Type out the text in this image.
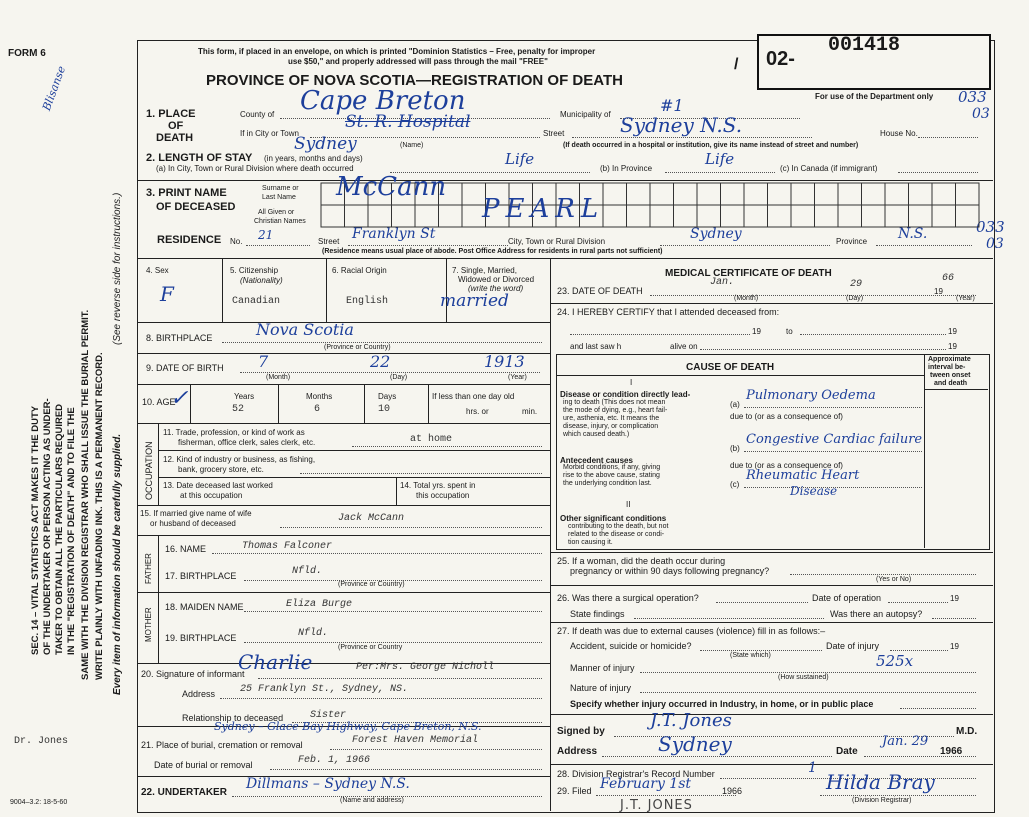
FORM 6	This form, if placed in an envelope, on which is printed "Dominion Statistics – Free, penalty for improper
use $50," and properly addressed will pass through the mail "FREE"
PROVINCE OF NOVA SCOTIA—REGISTRATION OF DEATH
02-
001418
For use of the Department only 033
03
033
03
Blisanse
SEC. 14 – VITAL STATISTICS ACT MAKES IT THE DUTY OF THE UNDERTAKER OR PERSON ACTING AS UNDER- TAKER TO OBTAIN ALL THE PARTICULARS REQUIRED IN THE "REGISTRATION OF DEATH" AND TO FILE THE SAME WITH THE DIVISION REGISTRAR WHO SHALL ISSUE THE BURIAL PERMIT. WRITE PLAINLY WITH UNFADING INK. THIS IS A PERMANENT RECORD.
(See reverse side for instructions.)
Every item of information should be carefully supplied.
Dr. Jones
9004–3.2: 18-5-60
1. PLACE
OF
DEATH
County of Cape Breton	Municipality of	#1
If in City or Town
Sydney
St. R. Hospital
(Name)
Street	Sydney N.S.	House No.
(If death occurred in a hospital or institution, give its name instead of street and number)
2. LENGTH OF STAY (in years, months and days)
(a) In City, Town or Rural Division where death occurred
Life
(b) In Province
Life
(c) In Canada (if immigrant)
3. PRINT NAME
OF DECEASED
Surname or
Last Name
All Given or
Christian Names
McCann
PEARL
RESIDENCE No. 21	Street Franklyn St	City, Town or Rural Division	Sydney	Province N.S.
(Residence means usual place of abode. Post Office Address for residents in rural parts not sufficient)
4. Sex
F
5. Citizenship
(Nationality)
Canadian
6. Racial Origin
English
7. Single, Married,
Widowed or Divorced
(write the word)
married
8. BIRTHPLACE	Nova Scotia
(Province or Country)
9. DATE OF BIRTH 7	22	1913
(Month)	(Day)	(Year)
10. AGE
✓	Years
52
Months
6
Days
10
If less than one day old
hrs. or	min.
OCCUPATION
11. Trade, profession, or kind of work as
fisherman, office clerk, sales clerk, etc.	at home
12. Kind of industry or business, as fishing,
bank, grocery store, etc.
13. Date deceased last worked
at this occupation
14. Total yrs. spent in
this occupation
15. If married give name of wife
or husband of deceased	Jack McCann
FATHER
16. NAME	Thomas Falconer
17. BIRTHPLACE	Nfld.
(Province or Country)
MOTHER
18. MAIDEN NAME	Eliza Burge
19. BIRTHPLACE	Nfld.
(Province or Country
20. Signature of informant
Charlie	Per:Mrs. George Nicholl
Address 25 Franklyn St., Sydney, NS.
Relationship to deceased	Sister
Sydney – Glace Bay Highway, Cape Breton, N.S.
21. Place of burial, cremation or removal	Forest Haven Memorial
Date of burial or removal	Feb. 1, 1966
22. UNDERTAKER
Dillmans – Sydney N.S.
(Name and address)
MEDICAL CERTIFICATE OF DEATH
23. DATE OF DEATH
Jan.	29
19
66
(Month)	(Day)	(Year)
24. I HEREBY CERTIFY that I attended deceased from:
19	to	19
and last saw h	alive on	19
CAUSE OF DEATH
Approximate
interval be-
tween onset
and death
I
Disease or condition directly lead-
ing to death (This does not mean
the mode of dying, e.g., heart fail-
ure, asthenia, etc. It means the
disease, injury, or complication
which caused death.)
(a)
Pulmonary Oedema
due to (or as a consequence of)
(b)
Congestive Cardiac failure
Antecedent causes
Morbid conditions, if any, giving
rise to the above cause, stating
the underlying condition last.
due to (or as a consequence of)
(c)
Rheumatic Heart
Disease
II
Other significant conditions
contributing to the death, but not
related to the disease or condi-
tion causing it.
25. If a woman, did the death occur during
pregnancy or within 90 days following pregnancy?
(Yes or No)
26. Was there a surgical operation?	Date of operation	19
State findings	Was there an autopsy?
27. If death was due to external causes (violence) fill in as follows:–
Accident, suicide or homicide?
(State which)
Date of injury	19
Manner of injury	525x
(How sustained)
Nature of injury
Specify whether injury occurred in Industry, in home, or in public place
Signed by
J.T. Jones
M.D.
Address	Sydney	Date
Jan. 29
1966
28. Division Registrar's Record Number	1
29. Filed February 1st	1966	Hilda Bray
(Division Registrar)
J.T. JONES
/
